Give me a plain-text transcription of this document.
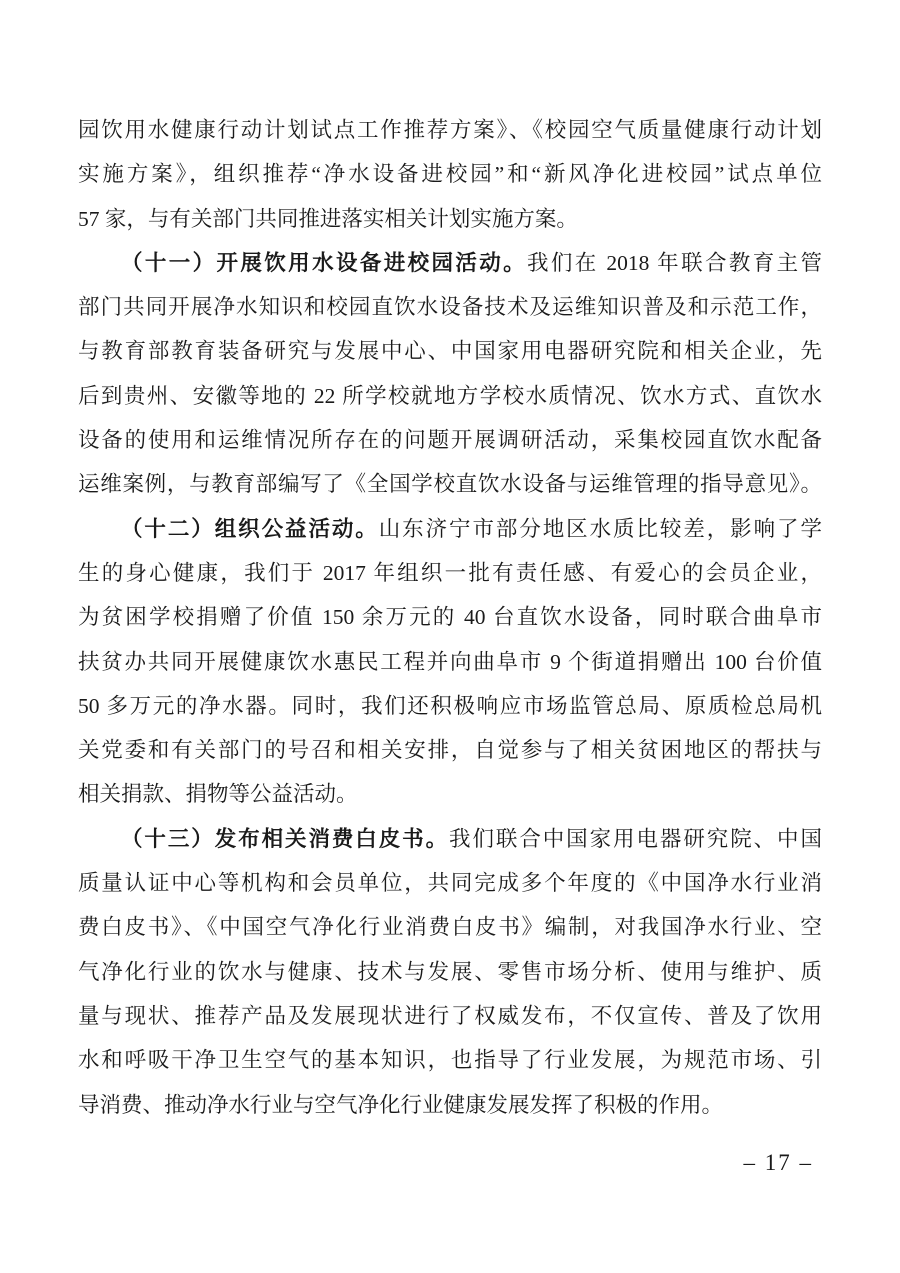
园饮用水健康行动计划试点工作推荐方案》、《校园空气质量健康行动计划

实施方案》，组织推荐“净水设备进校园”和“新风净化进校园”试点单位

57 家，与有关部门共同推进落实相关计划实施方案。

（十一）开展饮用水设备进校园活动。我们在 2018 年联合教育主管

部门共同开展净水知识和校园直饮水设备技术及运维知识普及和示范工作，

与教育部教育装备研究与发展中心、中国家用电器研究院和相关企业，先

后到贵州、安徽等地的 22 所学校就地方学校水质情况、饮水方式、直饮水

设备的使用和运维情况所存在的问题开展调研活动，采集校园直饮水配备

运维案例，与教育部编写了《全国学校直饮水设备与运维管理的指导意见》。

（十二）组织公益活动。山东济宁市部分地区水质比较差，影响了学

生的身心健康，我们于 2017 年组织一批有责任感、有爱心的会员企业，

为贫困学校捐赠了价值 150 余万元的 40 台直饮水设备，同时联合曲阜市

扶贫办共同开展健康饮水惠民工程并向曲阜市 9 个街道捐赠出 100 台价值

50 多万元的净水器。同时，我们还积极响应市场监管总局、原质检总局机

关党委和有关部门的号召和相关安排，自觉参与了相关贫困地区的帮扶与

相关捐款、捐物等公益活动。

（十三）发布相关消费白皮书。我们联合中国家用电器研究院、中国

质量认证中心等机构和会员单位，共同完成多个年度的《中国净水行业消

费白皮书》、《中国空气净化行业消费白皮书》编制，对我国净水行业、空

气净化行业的饮水与健康、技术与发展、零售市场分析、使用与维护、质

量与现状、推荐产品及发展现状进行了权威发布，不仅宣传、普及了饮用

水和呼吸干净卫生空气的基本知识，也指导了行业发展，为规范市场、引

导消费、推动净水行业与空气净化行业健康发展发挥了积极的作用。

– 17 –
